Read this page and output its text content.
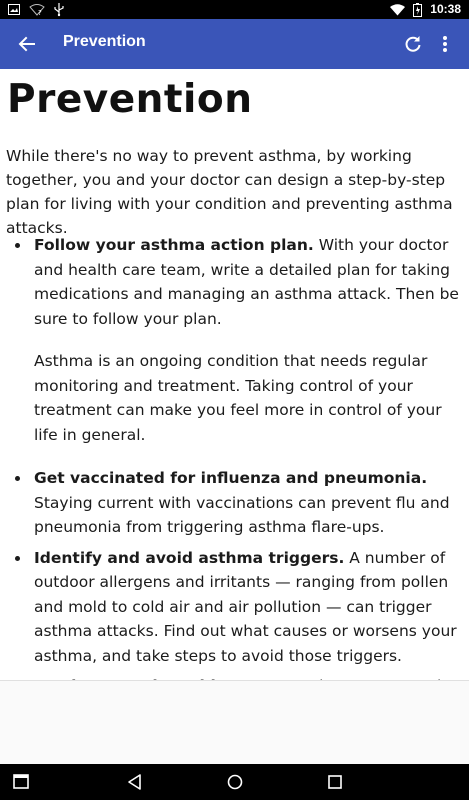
?	10:38
Prevention
Prevention

While there's no way to prevent asthma, by working together, you and your doctor can design a step-by-step plan for living with your condition and preventing asthma attacks.

Follow your asthma action plan. With your doctor and health care team, write a detailed plan for taking medications and managing an asthma attack. Then be sure to follow your plan.

Asthma is an ongoing condition that needs regular monitoring and treatment. Taking control of your treatment can make you feel more in control of your life in general.

Get vaccinated for influenza and pneumonia. Staying current with vaccinations can prevent flu and pneumonia from triggering asthma flare-ups.
Identify and avoid asthma triggers. A number of outdoor allergens and irritants — ranging from pollen and mold to cold air and air pollution — can trigger asthma attacks. Find out what causes or worsens your asthma, and take steps to avoid those triggers.
